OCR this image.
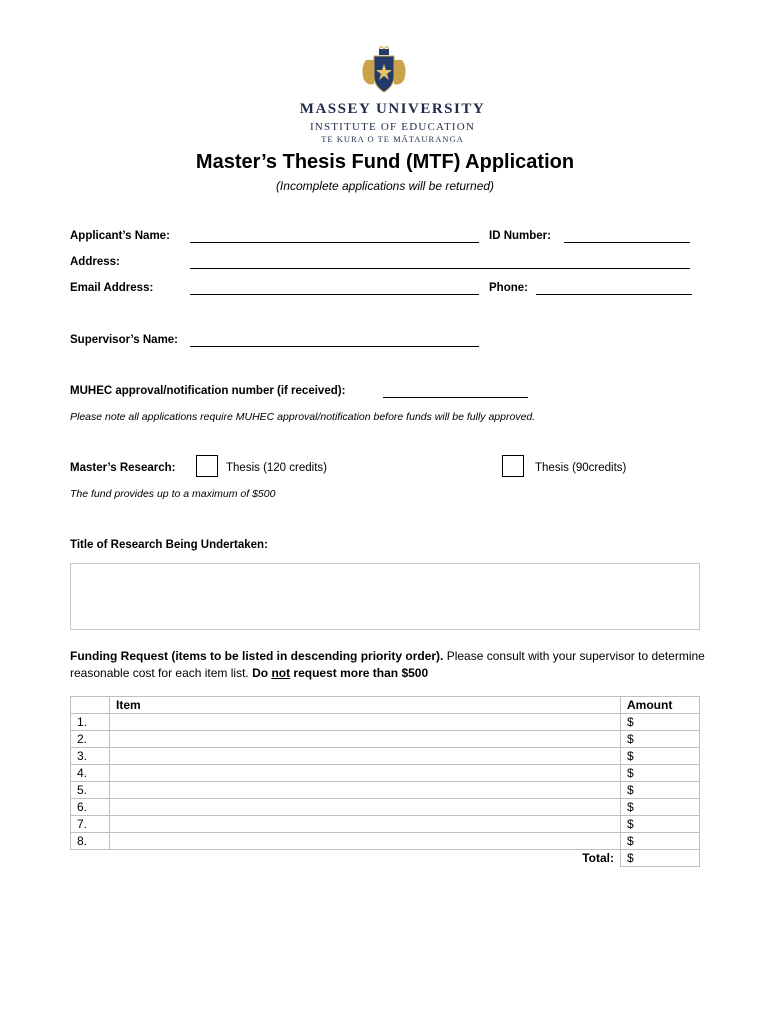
MASSEY UNIVERSITY
INSTITUTE OF EDUCATION
TE KURA O TE MĀTAURANGA
Master’s Thesis Fund (MTF) Application
(Incomplete applications will be returned)
Applicant’s Name:	ID Number:
Address:
Email Address:	Phone:
Supervisor’s Name:
MUHEC approval/notification number (if received):
Please note all applications require MUHEC approval/notification before funds will be fully approved.
Master’s Research:	Thesis (120 credits)	Thesis (90credits)
The fund provides up to a maximum of $500
Title of Research Being Undertaken:
Funding Request (items to be listed in descending priority order). Please consult with your supervisor to determine reasonable cost for each item list. Do not request more than $500
	Item	Amount
1.		$
2.		$
3.		$
4.		$
5.		$
6.		$
7.		$
8.		$
	Total:	$
